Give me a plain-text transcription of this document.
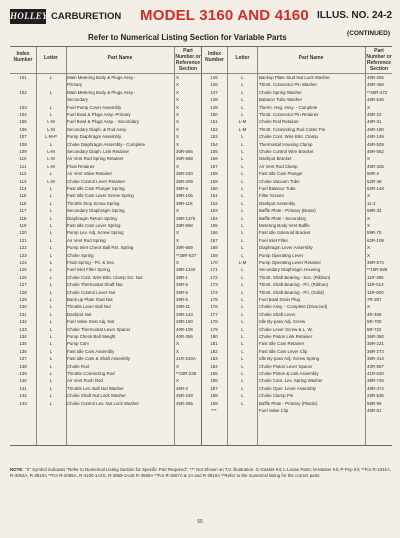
HOLLEY CARBURETION MODEL 3160 AND 4160 ILLUS. NO. 24-2
Refer to Numerical Listing Section for Variable Parts	(CONTINUED)
Index Number	Letter	Part Name
Part Number or Reference Section
Index Number	Letter	Part Name
Part Number or Reference Section
101	L	Main Metering Body & Plugs Assy.-	X
Primary	X
102	L	Main Metering Body & Plugs Assy.-	X
Secondary	X
103	L	Fuel Pump Cover Assembly	X
104	L	Fuel Bowl & Plugs Assy.-Primary	X
105	L-M	Fuel Bowl & Plugs Assy. - Secondary	X
106	L-M	Secondary Diaph. & Rod Assy.	X
107	L-M-P	Pump Diaphragm Assembly	X
108	L	Choke Diaphragm Assembly - Complete	X
109	L-M	Secondary Diaph. Link Retainer	36R-566
110	L-M	Air Vent Rod Spring Retainer	36R-568
111	L-M	Float Retainer	X
112	L	Air Vent Valve Retainer	36R-220
113	L-M	Choke Control Lever Retainer	36R-209
114	L	Fast Idle Cam Plunger Spring	38R-6
115	L	Fast Idle Cam Lever Screw Spring	38R-106
116	L	Throttle Stop Screw Spring	38R-118
117	L	Secondary Diaphragm Spring	X
118	L	Diaphragm Return Spring	38R-1375
119	L	Fast Idle Cam Lever Spring	38R-568
120	L	Pump Lev. Adj. Screw Spring	X
121	L	Air Vent Rod Spring	X
122	L	Pump Inlet Check Ball Ret. Spring	38R-659
123	L	Choke Spring	**38R-637
124	L	Float Spring - Pri. & Sec.	X
125	L	Fuel Inlet Filter Spring	38R-1340
126	L	Choke Cont. Wire Brkt. Clamp Scr. Nut	39R-1
127	L	Choke Thermostat Shaft Nut	39R-5
128	L	Choke Control Lever Nut	39R-5
129	L	Back-up Plate Stud Nut	39R-5
130	L	Throttle Lever Ball Nut	39R-11
131	L	Dashpot Nut	39R-143
132	L	Fuel Valve Seat Adj. Nut	39R-160
133	L	Choke Thermostat Lever Spacer	40R-109
134	L	Pump Check Ball Weight	40R-356
135	L	Pump Cam	X
136	L	Fast Idle Cam Assembly	X
137	L	Fast Idle Cam & Shaft Assembly	41R-233A
138	L	Choke Rod	X
139	L	Throttle Connecting Rod	**43R-235
140	L	Air Vent Push Rod	X
141	L	Throttle Lev. Ball Nut Washer	45R-2
142	L	Choke Shaft Nut Lock Washer	45R-248
143	L	Choke Control Lev. Nut Lock Washer	45R-265
145	L	Backup Plate Stud Nut Lock Washer	45R-265
146	L	Thrott. Connector Pin Washer	45R-468
147	L	Choke Spring Washer	**45R-472
148	L	Balance Tube Washer	46R-546
149	L	Therm. Hsg. Assy. - Complete	X
150	L	Thrott. Connector Pin Retainer	46R-22
151	L-M	Choke Rod Retainer	46R-31
152	L-M	Thrott. Connecting Rod Cotter Pin	46R-180
153	L	Choke Cont. Wire Brkt. Clamp	46R-149
154	L	Thermostat Housing Clamp	46R-529
155	L	Choke Control Wire Bracket	46R-562
156	L	Dashpot Bracket	X
157	L	Air Vent Rod Clamp	46R-425
158	L	Fast Idle Cam Plunger	50R-2
159	L	Choke Vacuum Tube	52R-48
160	L	Fuel Balance Tube	52R-148
161	L	Filter Screen	X
162	L	Dashpot Assembly	11-3
163	L	Baffle Plate - Primary (Brass)	58R-34
164	L	Baffle Plate - Secondary	X
165	L	Metering Body Vent Baffle	X
166	L	Fast Idle Solenoid Bracket	59R-70
167	L	Fuel Inlet Filter	62R-109
168	L	Diaphragm Lever Assembly	X
169	L	Pump Operating Lever	X
170	L-M	Pump Operating Lever Retainer	36R-574
171	L	Secondary Diaphragm Housing	**19R-589
172	L	Thrott. Shaft Bearing - Sec. (Ribbon)	11R-496
173	L	Thrott. Shaft Bearing - Pri. (Ribbon)	11R-513
174	L	Thrott. Shaft Bearing - Pri. (Solid)	11R-600
175	L	Fuel Bowl Drain Plug	7R-287
176	L	Choke Assy. - Complete (Divorced)	X
177	L	Choke Shaft Lever	4R-468
178	L	Idle By-pass Adj. Screw	5R-700
179	L	Choke Lever Screw & L. W.	5R-722
180	L	Choke Piston Link Retainer	36R-350
181	L	Fast Idle Cam Retainer	36R-221
182	L	Fast Idle Cam Lever Clip	36R-273
183	L	Idle By-pass Adj. Screw Spring	38R-414
184	L	Choke Piston Lever Spacer	40R-867
185	L	Choke Piston & Link Assembly	41R-630
186	L	Choke Cam. Lev. Spring Washer	39R-725
187	L	Choke Oper. Lever Assembly	48R-474
188	L	Choke Clamp Pin	29R-535
189	L	Baffle Plate - Primary (Plastic)	58R-96
***	Fuel Valve Clip	46R-81
NOTE: "X" Symbol indicates "Refer to Numerical Listing Section for Specific Part Required". *** Not Shown on T.V. Illustration. G-Gasket Kit; L-Loose Parts; M-Master Kit; P-Pep Kit; **For R-1031A, R-3052A, R-3810A **For R-3085A, R-4100-1A4S, R-3959-1A4S R-3680A **For R-3667A & 1A and R-3910A **Refer to the numerical listing for the correct parts.
55
